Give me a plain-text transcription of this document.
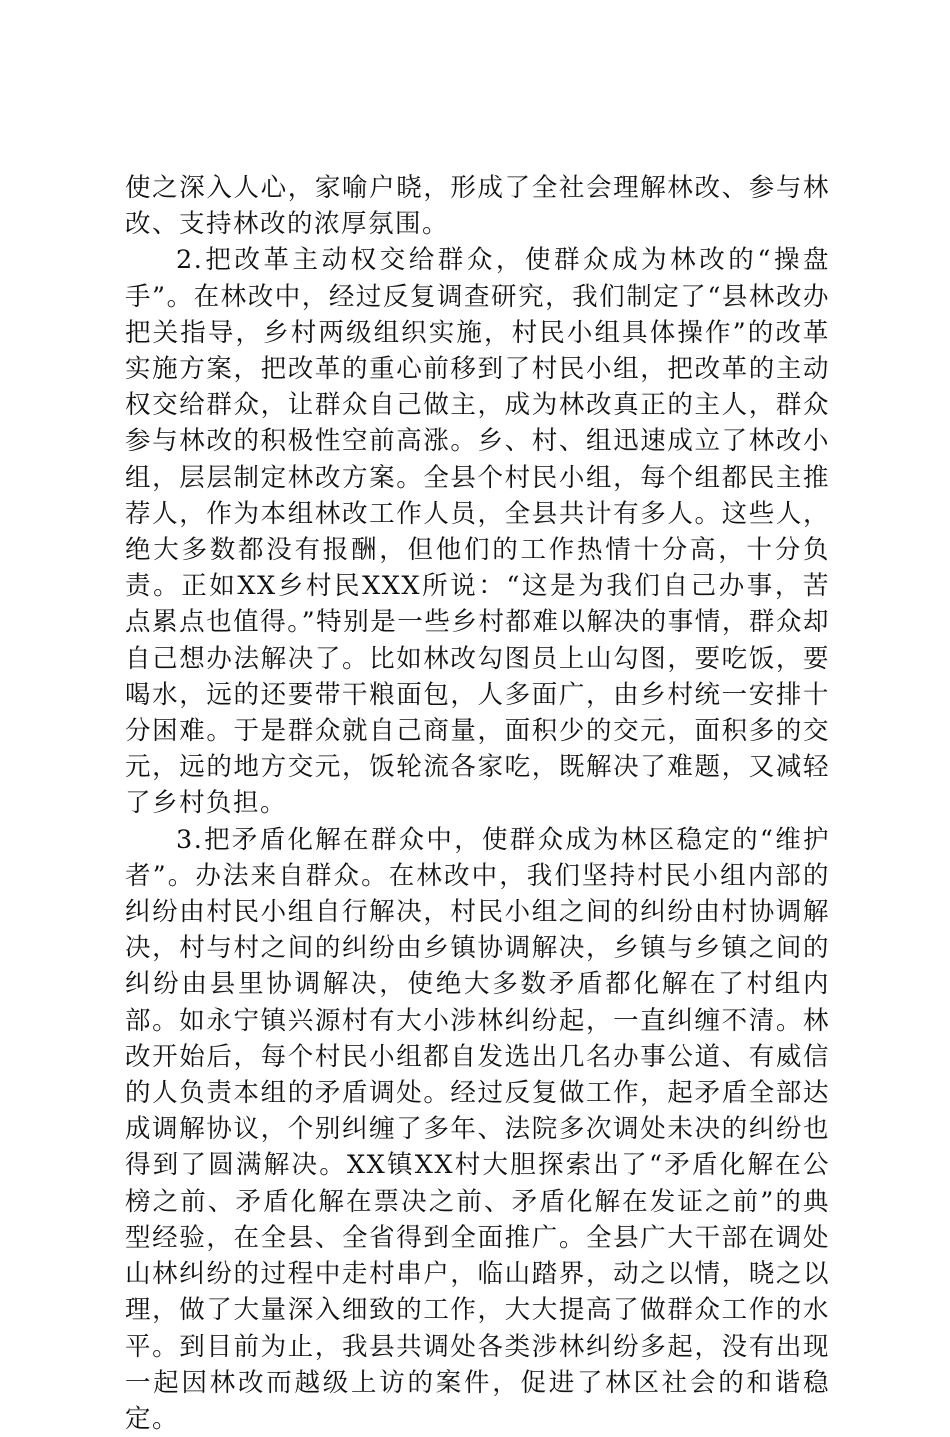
使之深入人心，家喻户晓，形成了全社会理解林改、参与林改、支持林改的浓厚氛围。

2.把改革主动权交给群众，使群众成为林改的“操盘手”。在林改中，经过反复调查研究，我们制定了“县林改办把关指导，乡村两级组织实施，村民小组具体操作”的改革实施方案，把改革的重心前移到了村民小组，把改革的主动权交给群众，让群众自己做主，成为林改真正的主人，群众参与林改的积极性空前高涨。乡、村、组迅速成立了林改小组，层层制定林改方案。全县个村民小组，每个组都民主推荐人，作为本组林改工作人员，全县共计有多人。这些人，绝大多数都没有报酬，但他们的工作热情十分高，十分负责。正如XX乡村民XXX所说：“这是为我们自己办事，苦点累点也值得。”特别是一些乡村都难以解决的事情，群众却自己想办法解决了。比如林改勾图员上山勾图，要吃饭，要喝水，远的还要带干粮面包，人多面广，由乡村统一安排十分困难。于是群众就自己商量，面积少的交元，面积多的交元，远的地方交元，饭轮流各家吃，既解决了难题，又减轻了乡村负担。

3.把矛盾化解在群众中，使群众成为林区稳定的“维护者”。办法来自群众。在林改中，我们坚持村民小组内部的纠纷由村民小组自行解决，村民小组之间的纠纷由村协调解决，村与村之间的纠纷由乡镇协调解决，乡镇与乡镇之间的纠纷由县里协调解决，使绝大多数矛盾都化解在了村组内部。如永宁镇兴源村有大小涉林纠纷起，一直纠缠不清。林改开始后，每个村民小组都自发选出几名办事公道、有威信的人负责本组的矛盾调处。经过反复做工作，起矛盾全部达成调解协议，个别纠缠了多年、法院多次调处未决的纠纷也得到了圆满解决。XX镇XX村大胆探索出了“矛盾化解在公榜之前、矛盾化解在票决之前、矛盾化解在发证之前”的典型经验，在全县、全省得到全面推广。全县广大干部在调处山林纠纷的过程中走村串户，临山踏界，动之以情，晓之以理，做了大量深入细致的工作，大大提高了做群众工作的水平。到目前为止，我县共调处各类涉林纠纷多起，没有出现一起因林改而越级上访的案件，促进了林区社会的和谐稳定。
